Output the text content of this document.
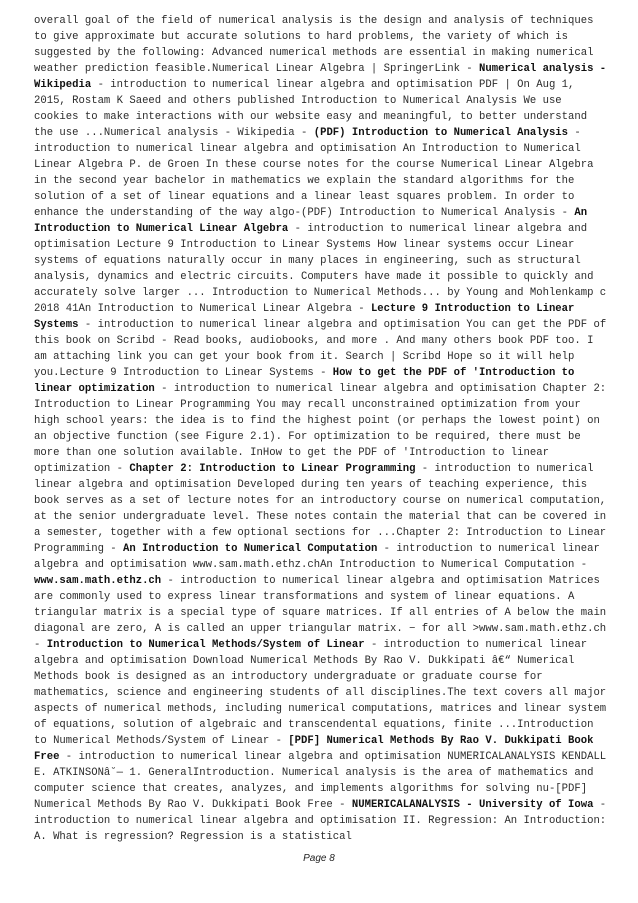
overall goal of the field of numerical analysis is the design and analysis of techniques to give approximate but accurate solutions to hard problems, the variety of which is suggested by the following: Advanced numerical methods are essential in making numerical weather prediction feasible.Numerical Linear Algebra | SpringerLink - Numerical analysis - Wikipedia - introduction to numerical linear algebra and optimisation PDF | On Aug 1, 2015, Rostam K Saeed and others published Introduction to Numerical Analysis We use cookies to make interactions with our website easy and meaningful, to better understand the use ...Numerical analysis - Wikipedia - (PDF) Introduction to Numerical Analysis - introduction to numerical linear algebra and optimisation An Introduction to Numerical Linear Algebra P. de Groen In these course notes for the course Numerical Linear Algebra in the second year bachelor in mathematics we explain the standard algorithms for the solution of a set of linear equations and a linear least squares problem. In order to enhance the understanding of the way algo-(PDF) Introduction to Numerical Analysis - An Introduction to Numerical Linear Algebra - introduction to numerical linear algebra and optimisation Lecture 9 Introduction to Linear Systems How linear systems occur Linear systems of equations naturally occur in many places in engineering, such as structural analysis, dynamics and electric circuits. Computers have made it possible to quickly and accurately solve larger ... Introduction to Numerical Methods... by Young and Mohlenkamp c 2018 41An Introduction to Numerical Linear Algebra - Lecture 9 Introduction to Linear Systems - introduction to numerical linear algebra and optimisation You can get the PDF of this book on Scribd - Read books, audiobooks, and more . And many others book PDF too. I am attaching link you can get your book from it. Search | Scribd Hope so it will help you.Lecture 9 Introduction to Linear Systems - How to get the PDF of 'Introduction to linear optimization - introduction to numerical linear algebra and optimisation Chapter 2: Introduction to Linear Programming You may recall unconstrained optimization from your high school years: the idea is to find the highest point (or perhaps the lowest point) on an objective function (see Figure 2.1). For optimization to be required, there must be more than one solution available. InHow to get the PDF of 'Introduction to linear optimization - Chapter 2: Introduction to Linear Programming - introduction to numerical linear algebra and optimisation Developed during ten years of teaching experience, this book serves as a set of lecture notes for an introductory course on numerical computation, at the senior undergraduate level. These notes contain the material that can be covered in a semester, together with a few optional sections for ...Chapter 2: Introduction to Linear Programming - An Introduction to Numerical Computation - introduction to numerical linear algebra and optimisation www.sam.math.ethz.chAn Introduction to Numerical Computation - www.sam.math.ethz.ch - introduction to numerical linear algebra and optimisation Matrices are commonly used to express linear transformations and system of linear equations. A triangular matrix is a special type of square matrices. If all entries of A below the main diagonal are zero, A is called an upper triangular matrix. − for all >www.sam.math.ethz.ch - Introduction to Numerical Methods/System of Linear - introduction to numerical linear algebra and optimisation Download Numerical Methods By Rao V. Dukkipati â€“ Numerical Methods book is designed as an introductory undergraduate or graduate course for mathematics, science and engineering students of all disciplines.The text covers all major aspects of numerical methods, including numerical computations, matrices and linear system of equations, solution of algebraic and transcendental equations, finite ...Introduction to Numerical Methods/System of Linear - [PDF] Numerical Methods By Rao V. Dukkipati Book Free - introduction to numerical linear algebra and optimisation NUMERICALANALYSIS KENDALL E. ATKINSONâ˘— 1. GeneralIntroduction. Numerical analysis is the area of mathematics and computer science that creates, analyzes, and implements algorithms for solving nu-[PDF] Numerical Methods By Rao V. Dukkipati Book Free - NUMERICALANALYSIS - University of Iowa - introduction to numerical linear algebra and optimisation II. Regression: An Introduction: A. What is regression? Regression is a statistical
Page 8
